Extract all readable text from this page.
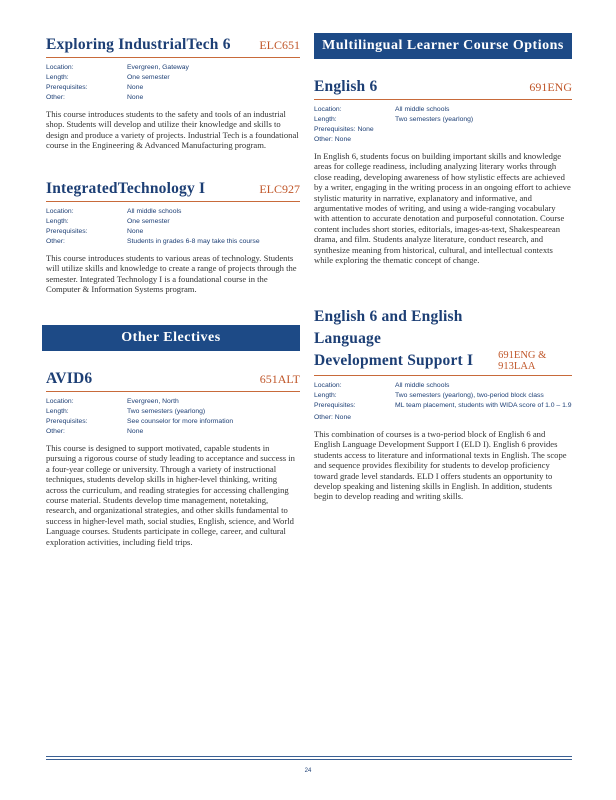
Exploring IndustrialTech 6 ELC651
Location:	Evergreen, Gateway
Length:	One semester
Prerequisites:	None
Other:	None
This course introduces students to the safety and tools of an industrial shop. Students will develop and utilize their knowledge and skills to design and produce a variety of projects. Industrial Tech is a foundational course in the Engineering & Advanced Manufacturing program.
IntegratedTechnology I	ELC927
Location:	All middle schools
Length:	One semester
Prerequisites:	None
Other:	Students in grades 6-8 may take this course
This course introduces students to various areas of technology. Students will utilize skills and knowledge to create a range of projects through the semester. Integrated Technology I is a foundational course in the Computer & Information Systems program.
Other Electives
AVID6	651ALT
Location:	Evergreen, North
Length:	Two semesters (yearlong)
Prerequisites:	See counselor for more information
Other:	None
This course is designed to support motivated, capable students in pursuing a rigorous course of study leading to acceptance and success in a four-year college or university. Through a variety of instructional techniques, students develop skills in higher-level thinking, writing across the curriculum, and reading strategies for accessing challenging course material. Students develop time management, notetaking, research, and organizational strategies, and other skills fundamental to success in higher-level math, social studies, English, science, and World Language courses. Students participate in college, career, and cultural exploration activities, including field trips.
Multilingual Learner Course Options
English 6	691ENG
Location:	All middle schools
Length:	Two semesters (yearlong)
Prerequisites: None
Other: None
In English 6, students focus on building important skills and knowledge areas for college readiness, including analyzing literary works through close reading, developing awareness of how stylistic effects are achieved by a writer, engaging in the writing process in an ongoing effort to achieve stylistic maturity in narrative, explanatory and informative, and argumentative modes of writing, and using a wide-ranging vocabulary with attention to accurate denotation and purposeful connotation. Course content includes short stories, editorials, images-as-text, Shakespearean drama, and film. Students analyze literature, conduct research, and synthesize meaning from historical, cultural, and intellectual contexts while exploring the thematic concept of change.
English 6 and English Language
Development Support I	691ENG & 913LAA
Location:	All middle schools
Length:	Two semesters (yearlong), two-period block class
Prerequisites:	ML team placement, students with WIDA score of 1.0 – 1.9
Other: None
This combination of courses is a two-period block of English 6 and English Language Development Support I (ELD I). English 6 provides students access to literature and informational texts in English. The scope and sequence provides flexibility for students to develop proficiency toward grade level standards. ELD I offers students an opportunity to develop speaking and listening skills in English. In addition, students begin to develop reading and writing skills.
24
